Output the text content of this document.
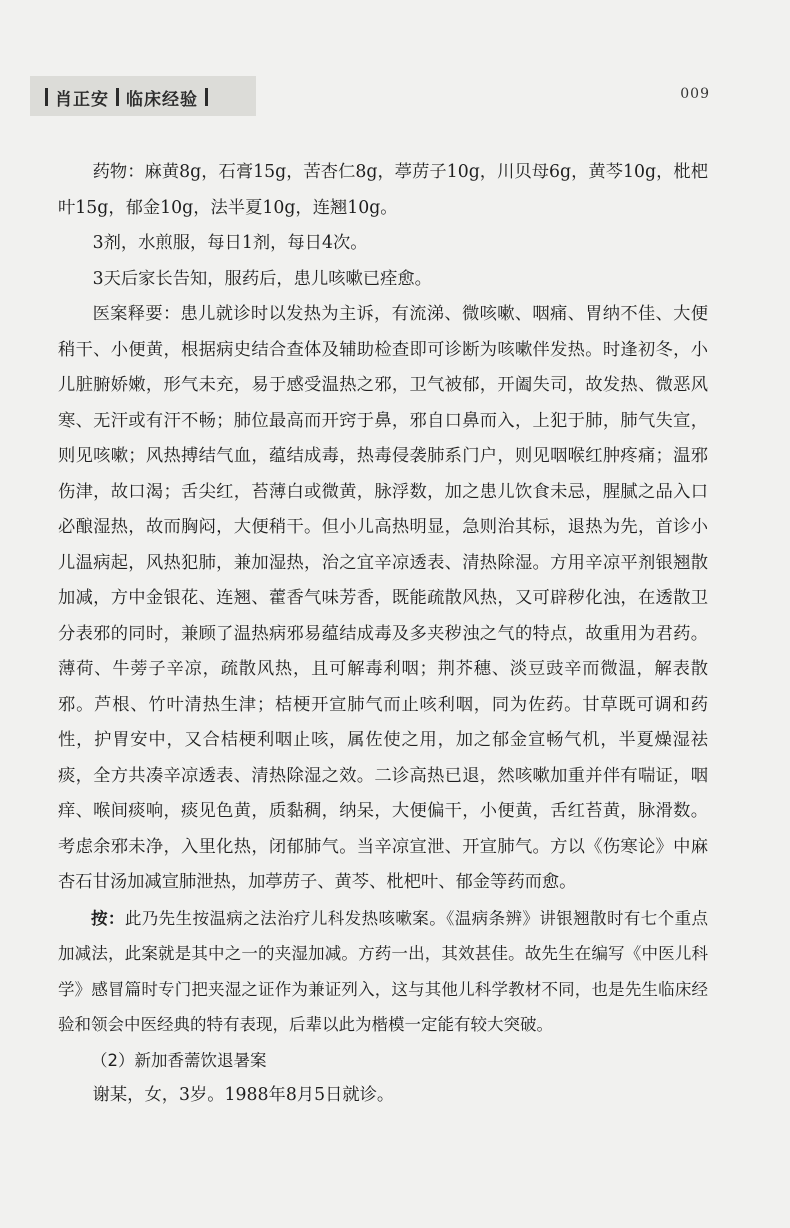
肖正安 临床经验	009

药物：麻黄8g，石膏15g，苦杏仁8g，葶苈子10g，川贝母6g，黄芩10g，枇杷叶15g，郁金10g，法半夏10g，连翘10g。

3剂，水煎服，每日1剂，每日4次。

3天后家长告知，服药后，患儿咳嗽已痊愈。

医案释要：患儿就诊时以发热为主诉，有流涕、微咳嗽、咽痛、胃纳不佳、大便稍干、小便黄，根据病史结合查体及辅助检查即可诊断为咳嗽伴发热。时逢初冬，小儿脏腑娇嫩，形气未充，易于感受温热之邪，卫气被郁，开阖失司，故发热、微恶风寒、无汗或有汗不畅；肺位最高而开窍于鼻，邪自口鼻而入，上犯于肺，肺气失宣，则见咳嗽；风热搏结气血，蕴结成毒，热毒侵袭肺系门户，则见咽喉红肿疼痛；温邪伤津，故口渴；舌尖红，苔薄白或微黄，脉浮数，加之患儿饮食未忌，腥腻之品入口必酿湿热，故而胸闷，大便稍干。但小儿高热明显，急则治其标，退热为先，首诊小儿温病起，风热犯肺，兼加湿热，治之宜辛凉透表、清热除湿。方用辛凉平剂银翘散加减，方中金银花、连翘、藿香气味芳香，既能疏散风热，又可辟秽化浊，在透散卫分表邪的同时，兼顾了温热病邪易蕴结成毒及多夹秽浊之气的特点，故重用为君药。薄荷、牛蒡子辛凉，疏散风热，且可解毒利咽；荆芥穗、淡豆豉辛而微温，解表散邪。芦根、竹叶清热生津；桔梗开宣肺气而止咳利咽，同为佐药。甘草既可调和药性，护胃安中，又合桔梗利咽止咳，属佐使之用，加之郁金宣畅气机，半夏燥湿祛痰，全方共凑辛凉透表、清热除湿之效。二诊高热已退，然咳嗽加重并伴有喘证，咽痒、喉间痰响，痰见色黄，质黏稠，纳呆，大便偏干，小便黄，舌红苔黄，脉滑数。考虑余邪未净，入里化热，闭郁肺气。当辛凉宣泄、开宣肺气。方以《伤寒论》中麻杏石甘汤加减宣肺泄热，加葶苈子、黄芩、枇杷叶、郁金等药而愈。

按：此乃先生按温病之法治疗儿科发热咳嗽案。《温病条辨》讲银翘散时有七个重点加减法，此案就是其中之一的夹湿加减。方药一出，其效甚佳。故先生在编写《中医儿科学》感冒篇时专门把夹湿之证作为兼证列入，这与其他儿科学教材不同，也是先生临床经验和领会中医经典的特有表现，后辈以此为楷模一定能有较大突破。

（2）新加香薷饮退暑案

谢某，女，3岁。1988年8月5日就诊。
